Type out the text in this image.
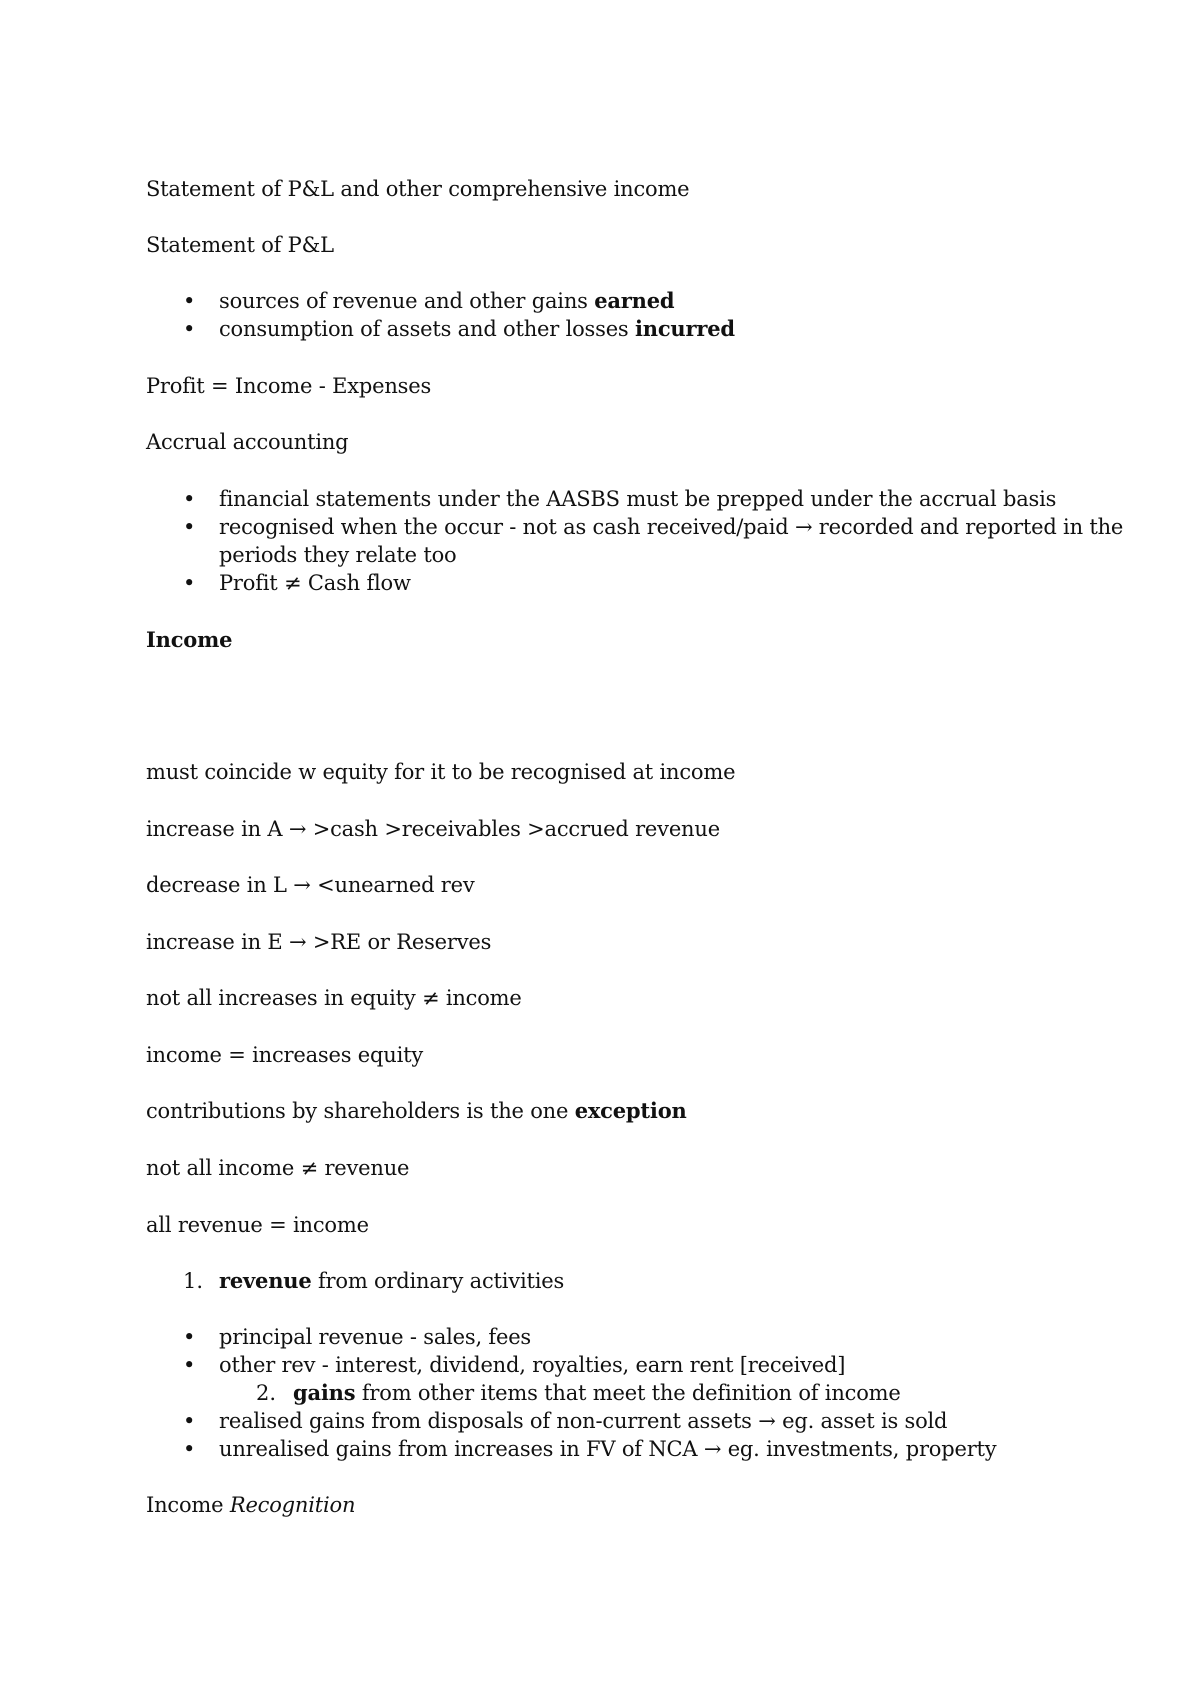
Statement of P&L and other comprehensive income
Statement of P&L
• sources of revenue and other gains earned
• consumption of assets and other losses incurred
Profit = Income - Expenses
Accrual accounting
• financial statements under the AASBS must be prepped under the accrual basis
• recognised when the occur - not as cash received/paid → recorded and reported in the
periods they relate too
• Profit ≠ Cash flow
Income
must coincide w equity for it to be recognised at income
increase in A → >cash >receivables >accrued revenue
decrease in L → <unearned rev
increase in E → >RE or Reserves
not all increases in equity ≠ income
income = increases equity
contributions by shareholders is the one exception
not all income ≠ revenue
all revenue = income
1. revenue from ordinary activities
• principal revenue - sales, fees
• other rev - interest, dividend, royalties, earn rent [received]
2. gains from other items that meet the definition of income
• realised gains from disposals of non-current assets → eg. asset is sold
• unrealised gains from increases in FV of NCA → eg. investments, property
Income Recognition
